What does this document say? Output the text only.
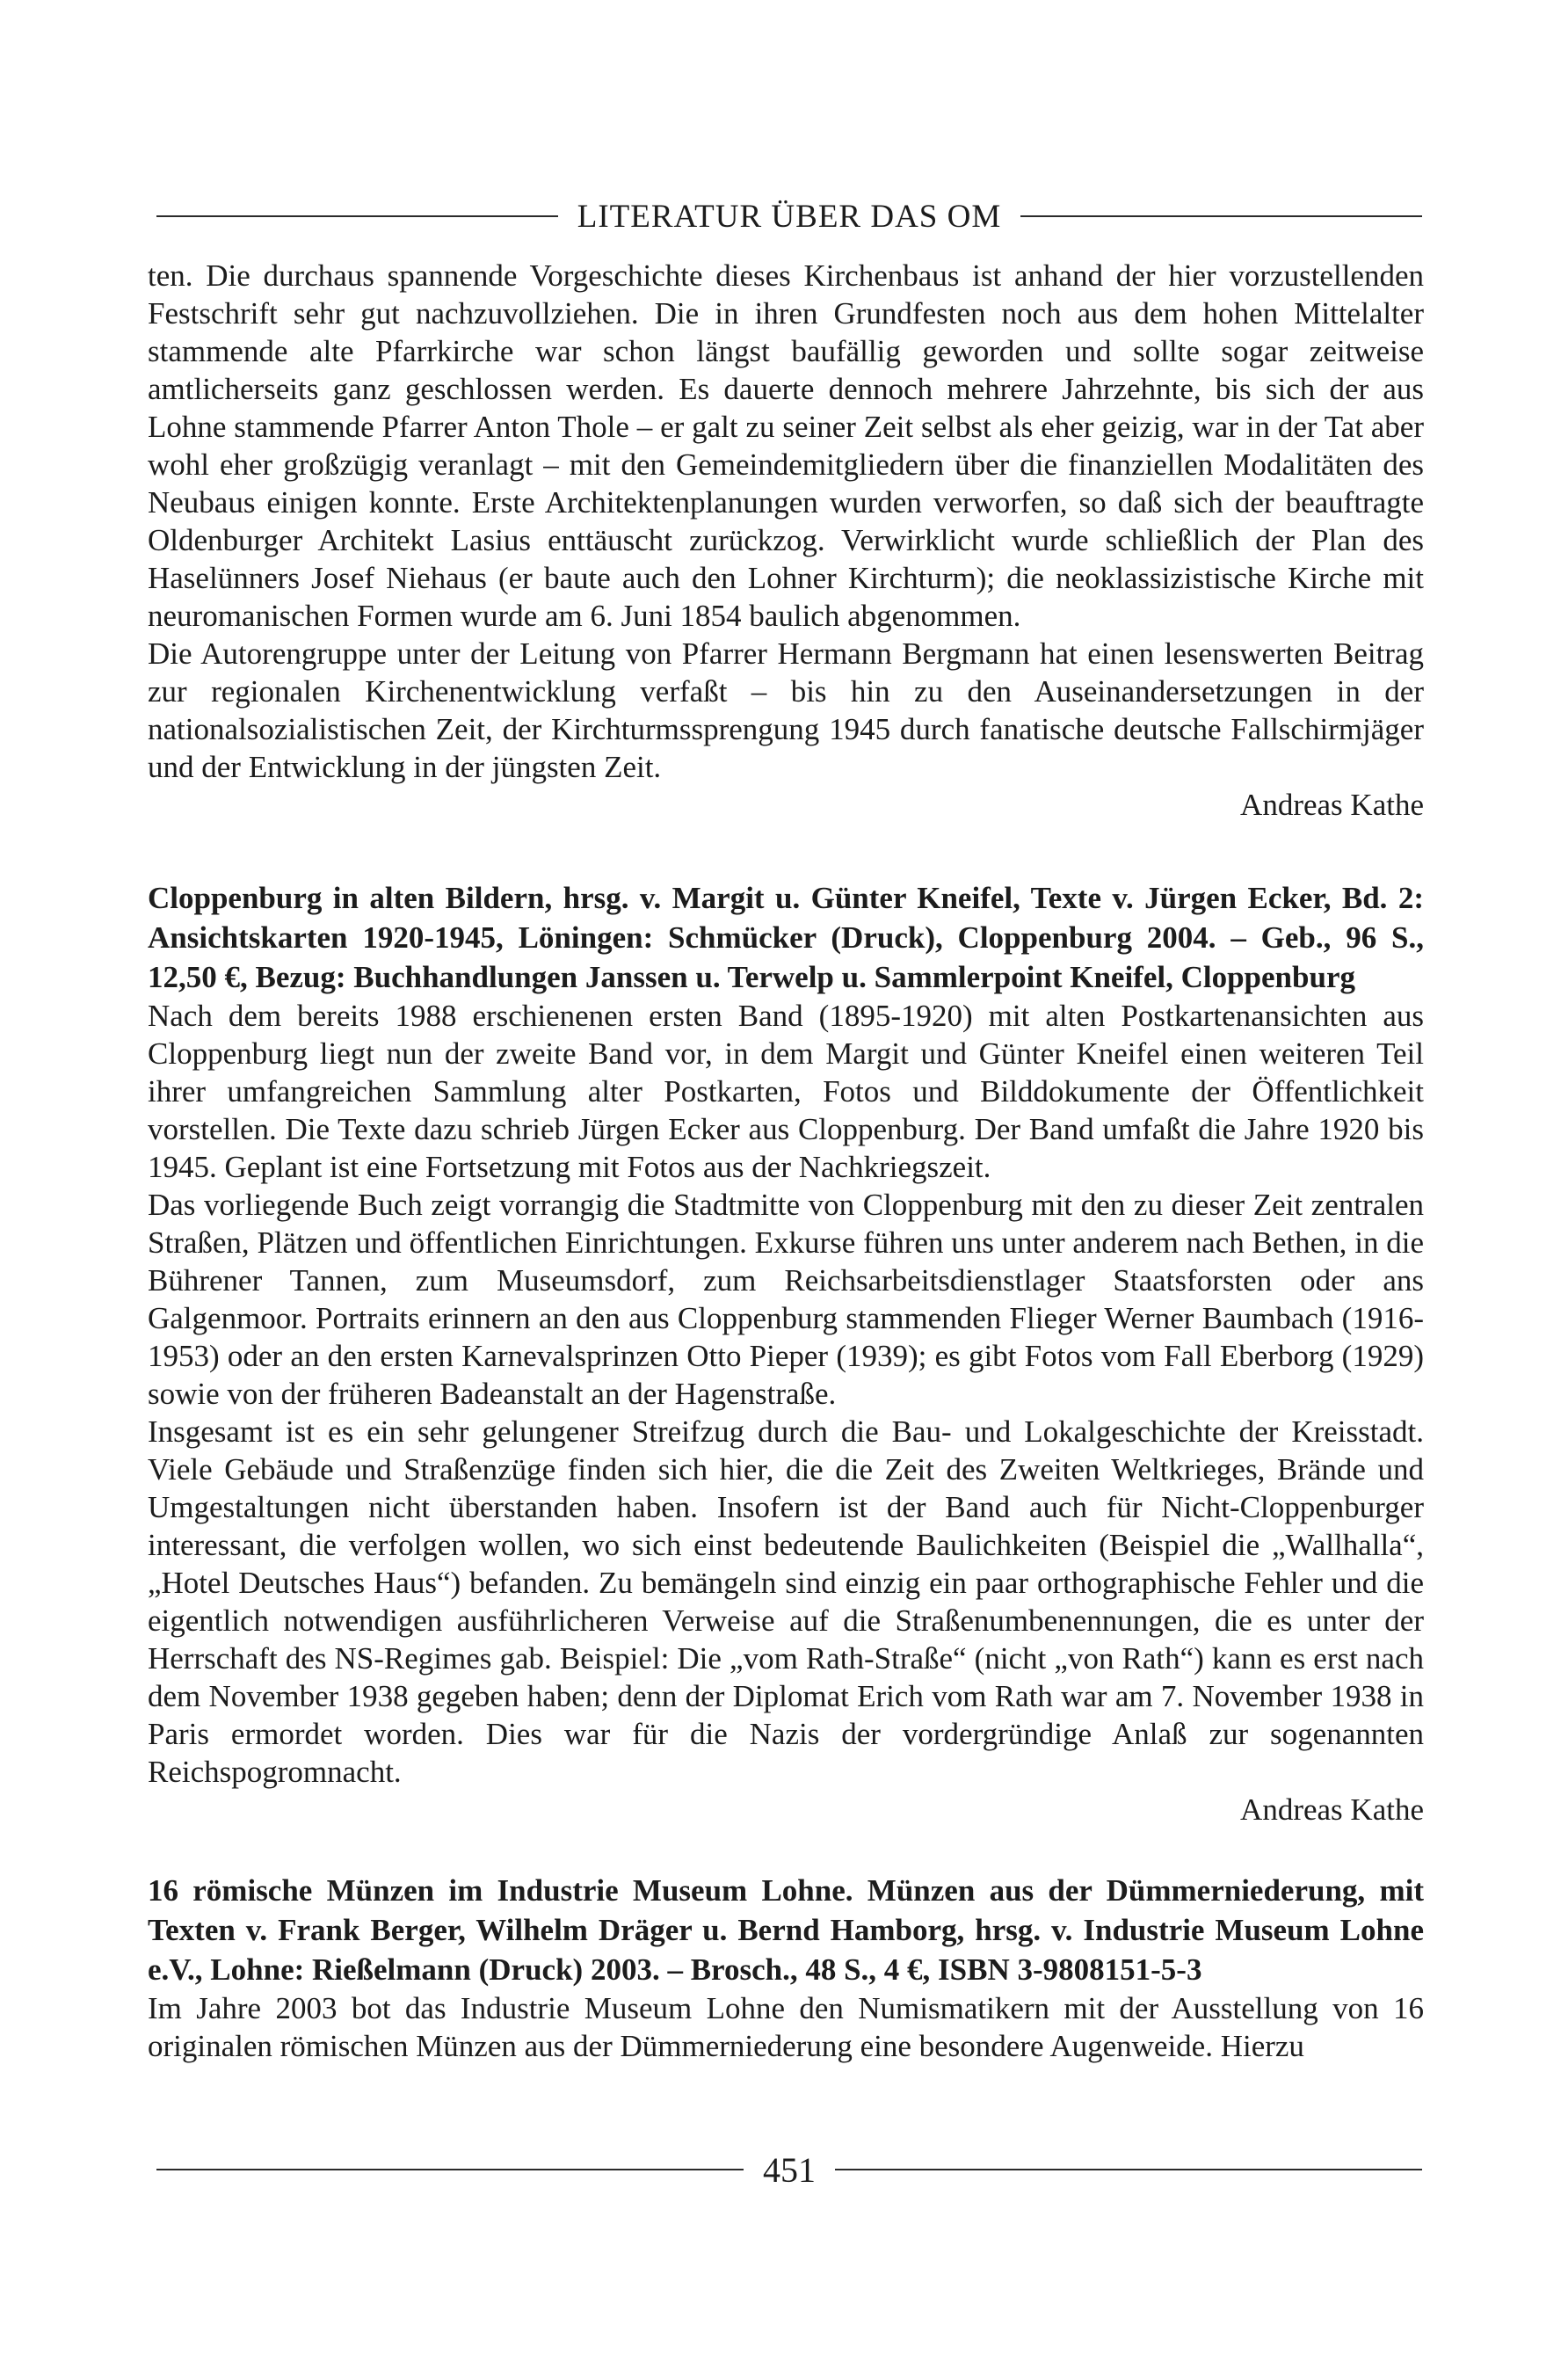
LITERATUR ÜBER DAS OM

ten. Die durchaus spannende Vorgeschichte dieses Kirchenbaus ist anhand der hier vorzustellenden Festschrift sehr gut nachzuvollziehen. Die in ihren Grundfesten noch aus dem hohen Mittelalter stammende alte Pfarrkirche war schon längst baufällig geworden und sollte sogar zeitweise amtlicherseits ganz geschlossen werden. Es dauerte dennoch mehrere Jahrzehnte, bis sich der aus Lohne stammende Pfarrer Anton Thole – er galt zu seiner Zeit selbst als eher geizig, war in der Tat aber wohl eher großzügig veranlagt – mit den Gemeindemitgliedern über die finanziellen Modalitäten des Neubaus einigen konnte. Erste Architektenplanungen wurden verworfen, so daß sich der beauftragte Oldenburger Architekt Lasius enttäuscht zurückzog. Verwirklicht wurde schließlich der Plan des Haselünners Josef Niehaus (er baute auch den Lohner Kirchturm); die neoklassizistische Kirche mit neuromanischen Formen wurde am 6. Juni 1854 baulich abgenommen.

Die Autorengruppe unter der Leitung von Pfarrer Hermann Bergmann hat einen lesenswerten Beitrag zur regionalen Kirchenentwicklung verfaßt – bis hin zu den Auseinandersetzungen in der nationalsozialistischen Zeit, der Kirchturmssprengung 1945 durch fanatische deutsche Fallschirmjäger und der Entwicklung in der jüngsten Zeit.

Andreas Kathe

Cloppenburg in alten Bildern, hrsg. v. Margit u. Günter Kneifel, Texte v. Jürgen Ecker, Bd. 2: Ansichtskarten 1920-1945, Löningen: Schmücker (Druck), Cloppenburg 2004. – Geb., 96 S., 12,50 €, Bezug: Buchhandlungen Janssen u. Terwelp u. Sammlerpoint Kneifel, Cloppenburg

Nach dem bereits 1988 erschienenen ersten Band (1895-1920) mit alten Postkartenansichten aus Cloppenburg liegt nun der zweite Band vor, in dem Margit und Günter Kneifel einen weiteren Teil ihrer umfangreichen Sammlung alter Postkarten, Fotos und Bilddokumente der Öffentlichkeit vorstellen. Die Texte dazu schrieb Jürgen Ecker aus Cloppenburg. Der Band umfaßt die Jahre 1920 bis 1945. Geplant ist eine Fortsetzung mit Fotos aus der Nachkriegszeit.

Das vorliegende Buch zeigt vorrangig die Stadtmitte von Cloppenburg mit den zu dieser Zeit zentralen Straßen, Plätzen und öffentlichen Einrichtungen. Exkurse führen uns unter anderem nach Bethen, in die Bührener Tannen, zum Museumsdorf, zum Reichsarbeitsdienstlager Staatsforsten oder ans Galgenmoor. Portraits erinnern an den aus Cloppenburg stammenden Flieger Werner Baumbach (1916-1953) oder an den ersten Karnevalsprinzen Otto Pieper (1939); es gibt Fotos vom Fall Eberborg (1929) sowie von der früheren Badeanstalt an der Hagenstraße.

Insgesamt ist es ein sehr gelungener Streifzug durch die Bau- und Lokalgeschichte der Kreisstadt. Viele Gebäude und Straßenzüge finden sich hier, die die Zeit des Zweiten Weltkrieges, Brände und Umgestaltungen nicht überstanden haben. Insofern ist der Band auch für Nicht-Cloppenburger interessant, die verfolgen wollen, wo sich einst bedeutende Baulichkeiten (Beispiel die „Wallhalla“, „Hotel Deutsches Haus“) befanden. Zu bemängeln sind einzig ein paar orthographische Fehler und die eigentlich notwendigen ausführlicheren Verweise auf die Straßenumbenennungen, die es unter der Herrschaft des NS-Regimes gab. Beispiel: Die „vom Rath-Straße“ (nicht „von Rath“) kann es erst nach dem November 1938 gegeben haben; denn der Diplomat Erich vom Rath war am 7. November 1938 in Paris ermordet worden. Dies war für die Nazis der vordergründige Anlaß zur sogenannten Reichspogromnacht.

Andreas Kathe

16 römische Münzen im Industrie Museum Lohne. Münzen aus der Dümmerniederung, mit Texten v. Frank Berger, Wilhelm Dräger u. Bernd Hamborg, hrsg. v. Industrie Museum Lohne e.V., Lohne: Rießelmann (Druck) 2003. – Brosch., 48 S., 4 €, ISBN 3-9808151-5-3

Im Jahre 2003 bot das Industrie Museum Lohne den Numismatikern mit der Ausstellung von 16 originalen römischen Münzen aus der Dümmerniederung eine besondere Augenweide. Hierzu

451
